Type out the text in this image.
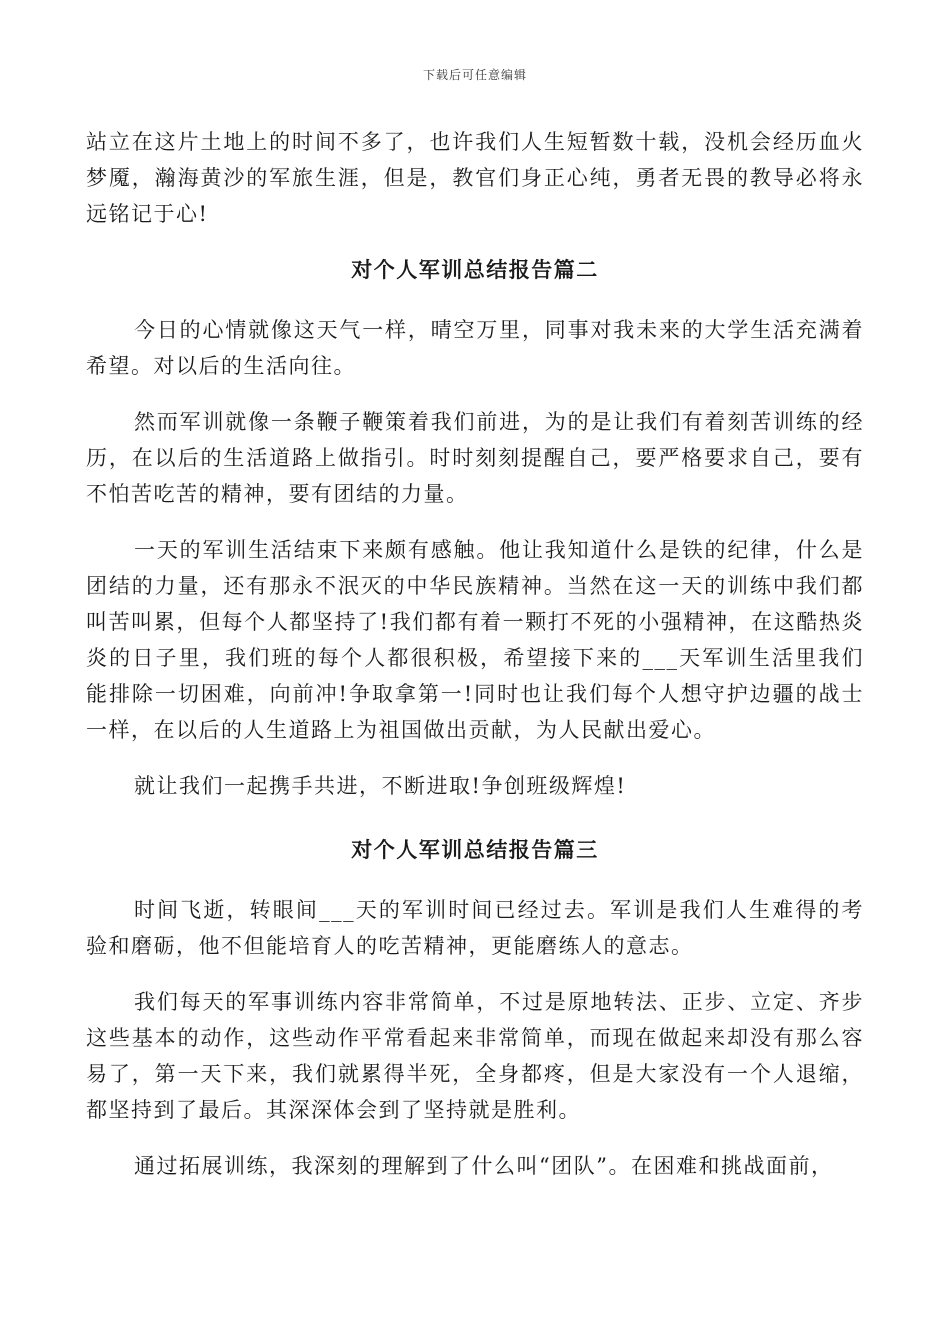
下载后可任意编辑

站立在这片土地上的时间不多了，也许我们人生短暂数十载，没机会经历血火梦魇，瀚海黄沙的军旅生涯，但是，教官们身正心纯，勇者无畏的教导必将永远铭记于心!

对个人军训总结报告篇二

今日的心情就像这天气一样，晴空万里，同事对我未来的大学生活充满着希望。对以后的生活向往。

然而军训就像一条鞭子鞭策着我们前进，为的是让我们有着刻苦训练的经历，在以后的生活道路上做指引。时时刻刻提醒自己，要严格要求自己，要有不怕苦吃苦的精神，要有团结的力量。

一天的军训生活结束下来颇有感触。他让我知道什么是铁的纪律，什么是团结的力量，还有那永不泯灭的中华民族精神。当然在这一天的训练中我们都叫苦叫累，但每个人都坚持了!我们都有着一颗打不死的小强精神，在这酷热炎炎的日子里，我们班的每个人都很积极，希望接下来的___天军训生活里我们能排除一切困难，向前冲!争取拿第一!同时也让我们每个人想守护边疆的战士一样，在以后的人生道路上为祖国做出贡献，为人民献出爱心。

就让我们一起携手共进，不断进取!争创班级辉煌!

对个人军训总结报告篇三

时间飞逝，转眼间___天的军训时间已经过去。军训是我们人生难得的考验和磨砺，他不但能培育人的吃苦精神，更能磨练人的意志。

我们每天的军事训练内容非常简单，不过是原地转法、正步、立定、齐步这些基本的动作，这些动作平常看起来非常简单，而现在做起来却没有那么容易了，第一天下来，我们就累得半死，全身都疼，但是大家没有一个人退缩，都坚持到了最后。其深深体会到了坚持就是胜利。

通过拓展训练，我深刻的理解到了什么叫“团队”。在困难和挑战面前，
